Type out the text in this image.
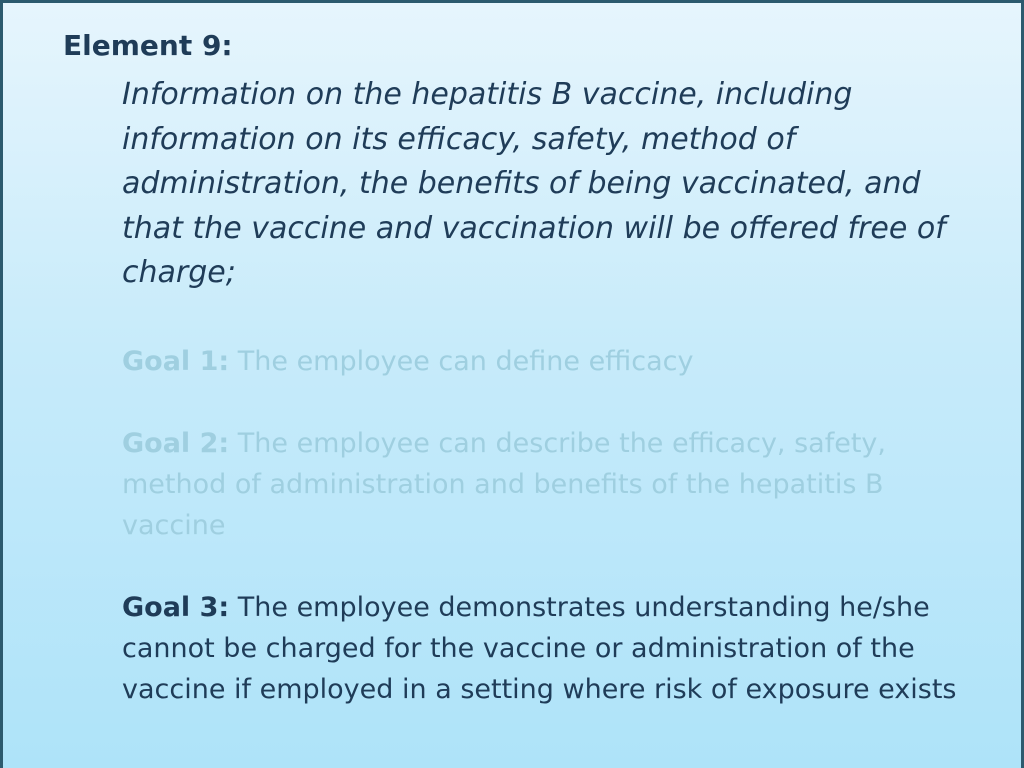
Element 9:

Information on the hepatitis B vaccine, including information on its efficacy, safety, method of administration, the benefits of being vaccinated, and that the vaccine and vaccination will be offered free of charge;

Goal 1: The employee can define efficacy

Goal 2: The employee can describe the efficacy, safety, method of administration and benefits of the hepatitis B vaccine

Goal 3: The employee demonstrates understanding he/she cannot be charged for the vaccine or administration of the vaccine if employed in a setting where risk of exposure exists
